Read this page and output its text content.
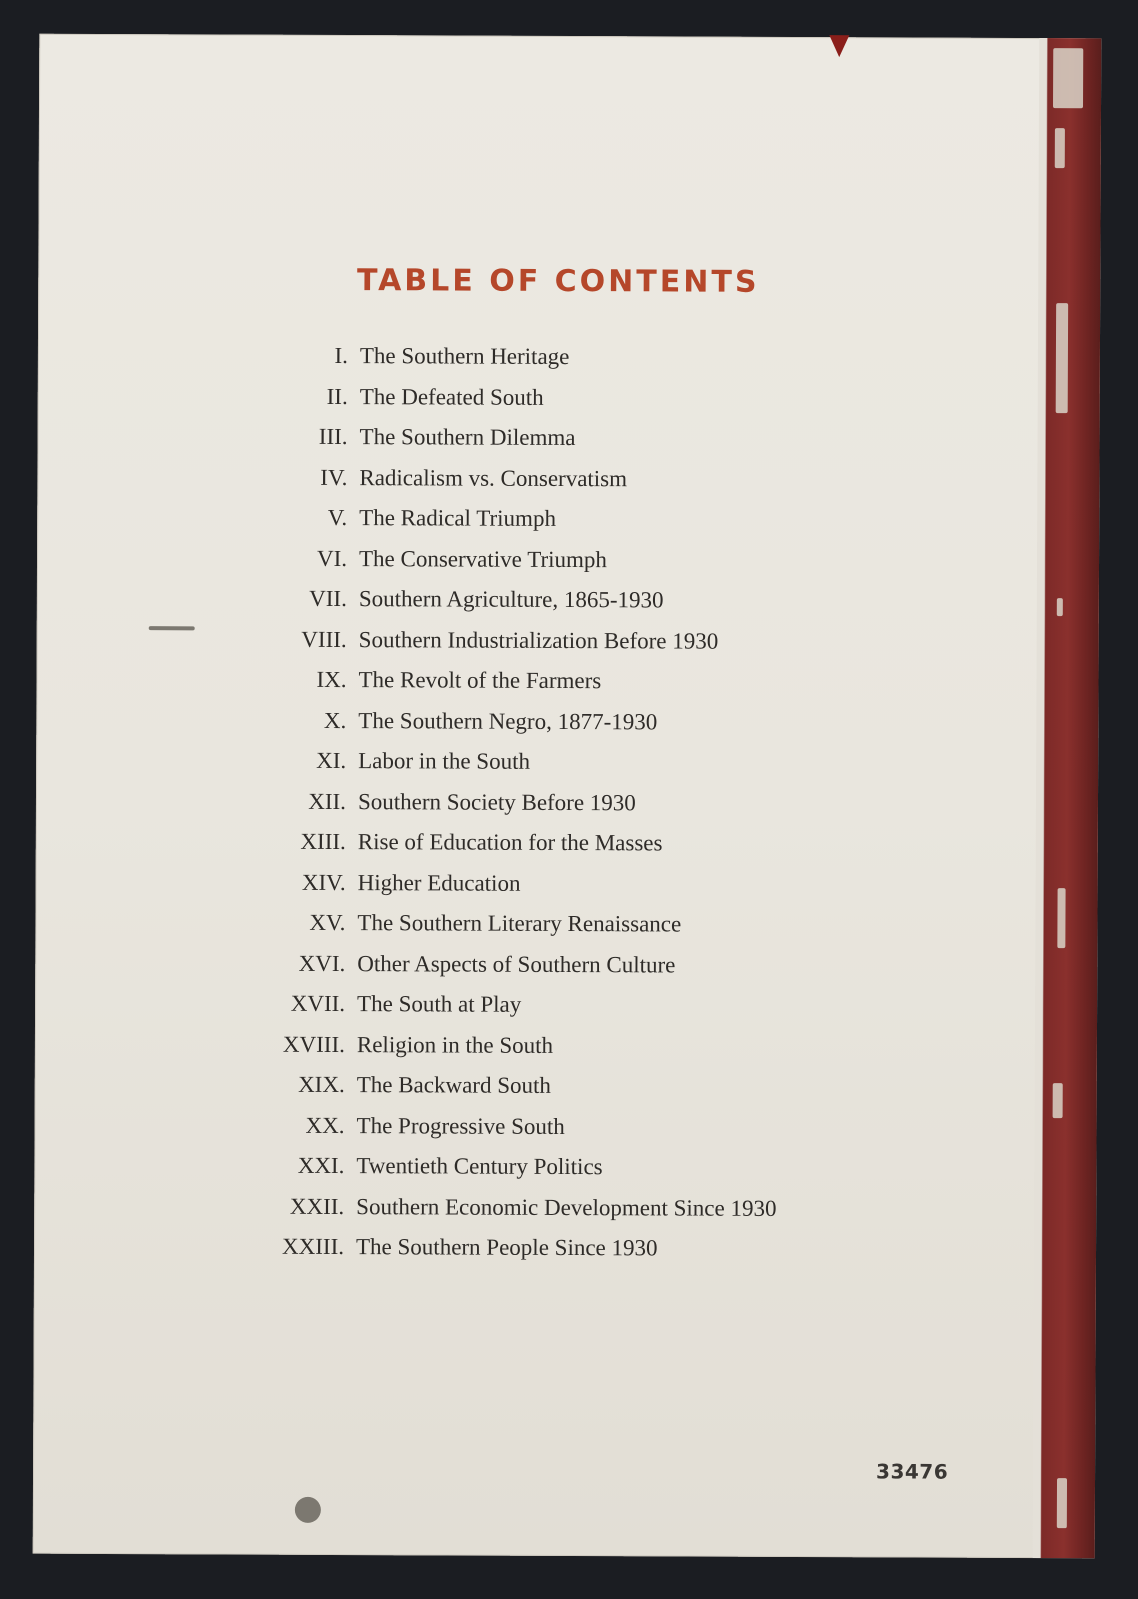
TABLE OF CONTENTS
I. The Southern Heritage
II. The Defeated South
III. The Southern Dilemma
IV. Radicalism vs. Conservatism
V. The Radical Triumph
VI. The Conservative Triumph
VII. Southern Agriculture, 1865-1930
VIII. Southern Industrialization Before 1930
IX. The Revolt of the Farmers
X. The Southern Negro, 1877-1930
XI. Labor in the South
XII. Southern Society Before 1930
XIII. Rise of Education for the Masses
XIV. Higher Education
XV. The Southern Literary Renaissance
XVI. Other Aspects of Southern Culture
XVII. The South at Play
XVIII. Religion in the South
XIX. The Backward South
XX. The Progressive South
XXI. Twentieth Century Politics
XXII. Southern Economic Development Since 1930
XXIII. The Southern People Since 1930
33476
